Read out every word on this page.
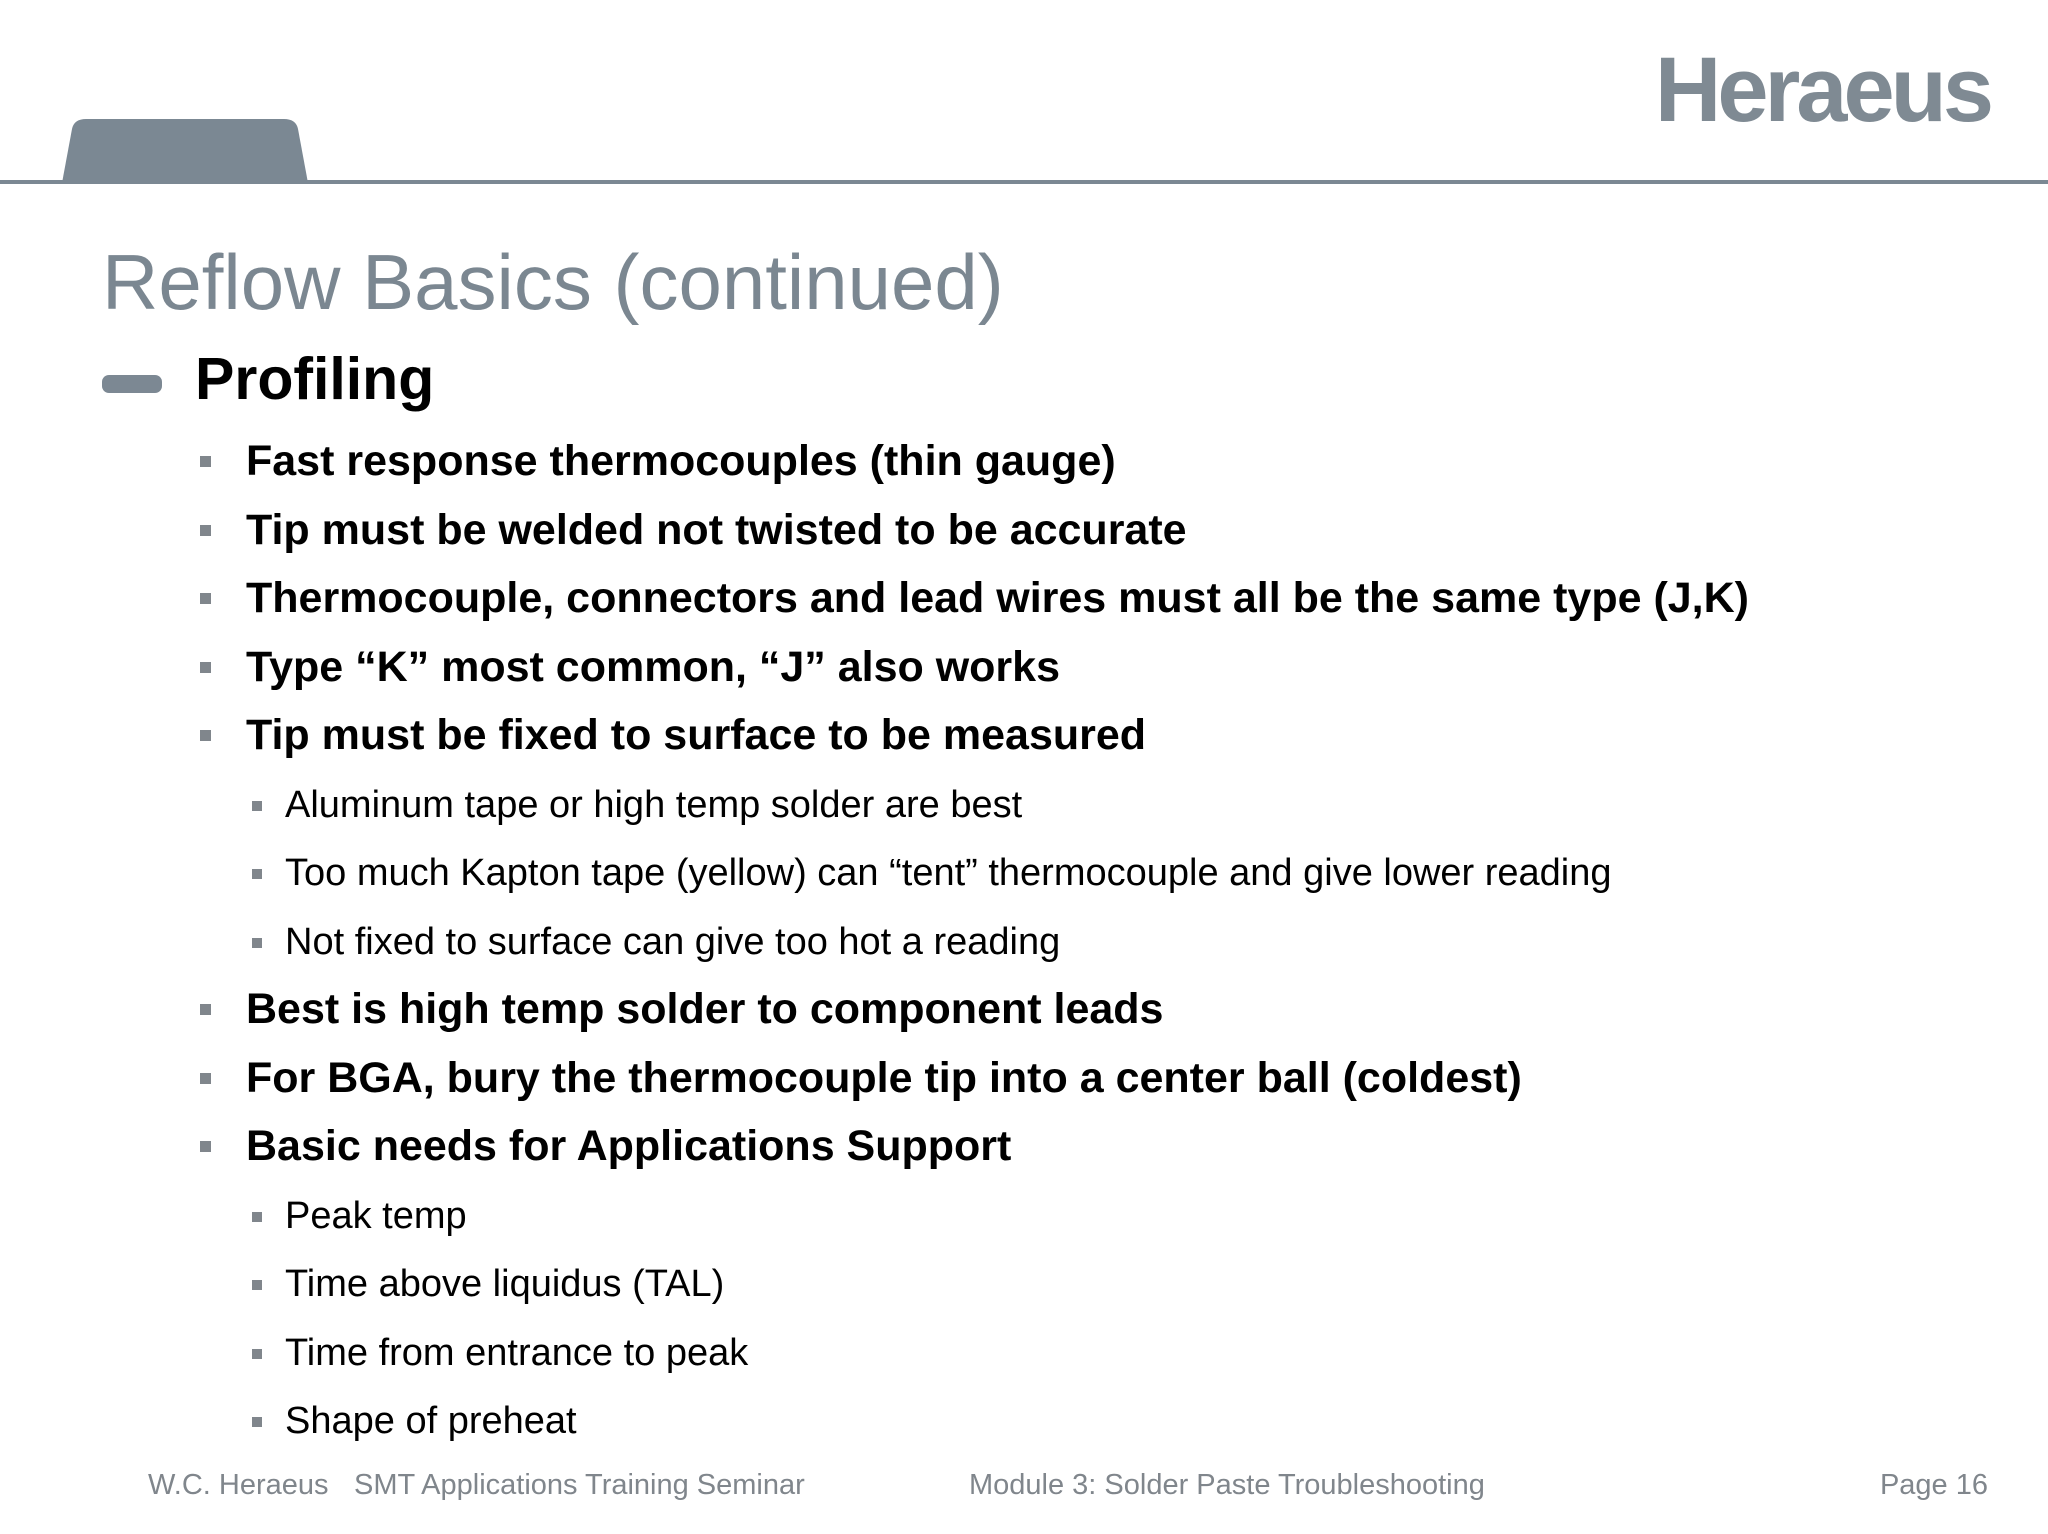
Heraeus
Reflow Basics (continued)
Profiling
Fast response thermocouples (thin gauge)
Tip must be welded not twisted to be accurate
Thermocouple, connectors and lead wires must all be the same type (J,K)
Type “K” most common, “J” also works
Tip must be fixed to surface to be measured
Aluminum tape or high temp solder are best
Too much Kapton tape (yellow) can “tent” thermocouple and give lower reading
Not fixed to surface can give too hot a reading
Best is high temp solder to component leads
For BGA, bury the thermocouple tip into a center ball (coldest)
Basic needs for Applications Support
Peak temp
Time above liquidus (TAL)
Time from entrance to peak
Shape of preheat
W.C. Heraeus SMT Applications Training Seminar	Module 3: Solder Paste Troubleshooting	Page 16
